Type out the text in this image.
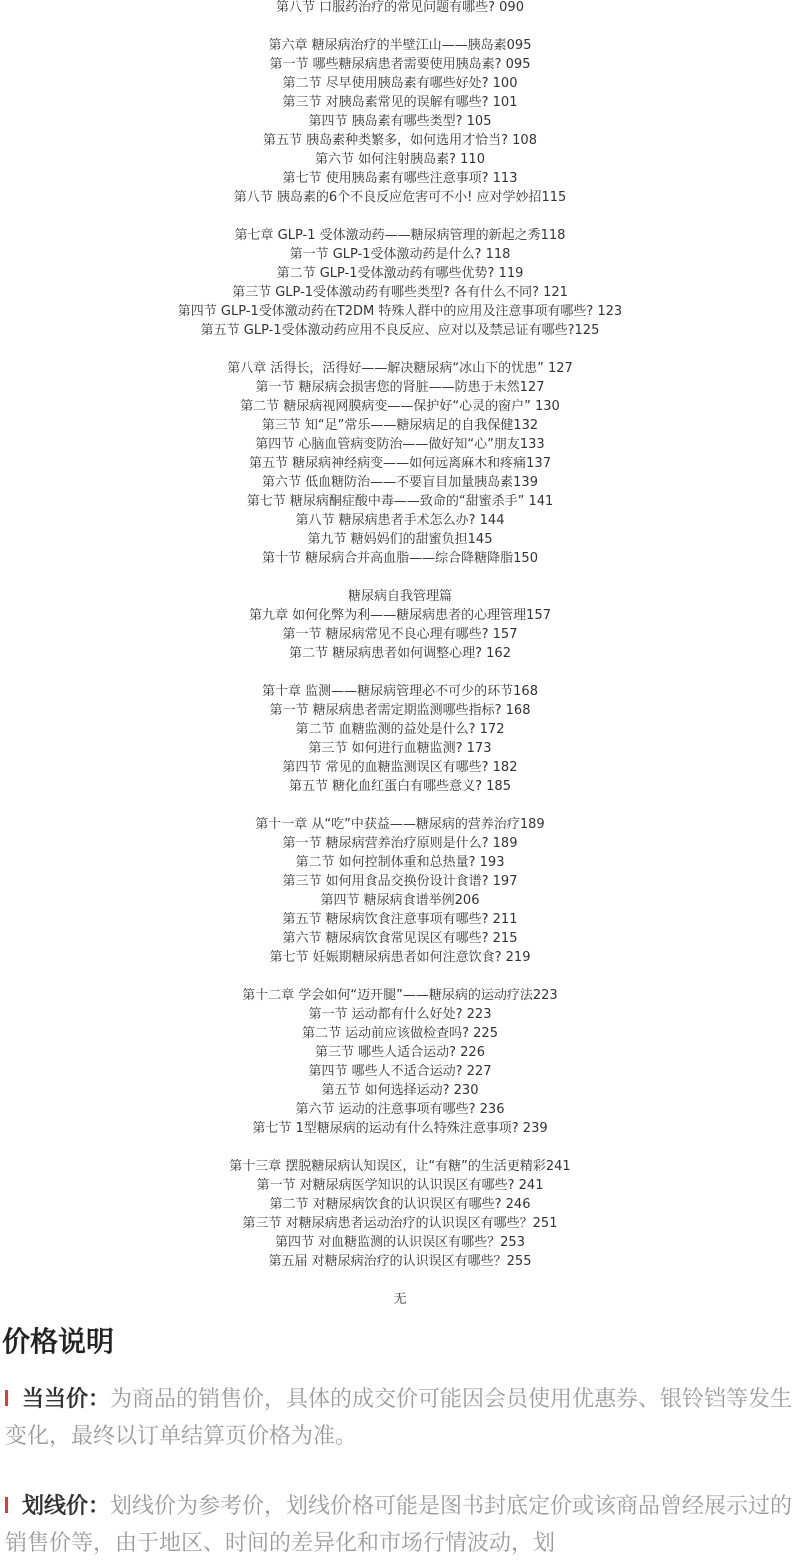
第八节 口服药治疗的常见问题有哪些? 090
第六章 糖尿病治疗的半壁江山——胰岛素095
第一节 哪些糖尿病患者需要使用胰岛素? 095
第二节 尽早使用胰岛素有哪些好处? 100
第三节 对胰岛素常见的误解有哪些? 101
第四节 胰岛素有哪些类型? 105
第五节 胰岛素种类繁多，如何选用才恰当? 108
第六节 如何注射胰岛素? 110
第七节 使用胰岛素有哪些注意事项? 113
第八节 胰岛素的6个不良反应危害可不小! 应对学妙招115
第七章 GLP-1 受体激动药——糖尿病管理的新起之秀118
第一节 GLP-1受体激动药是什么? 118
第二节 GLP-1受体激动药有哪些优势? 119
第三节 GLP-1受体激动药有哪些类型? 各有什么不同? 121
第四节 GLP-1受体激动药在T2DM 特殊人群中的应用及注意事项有哪些? 123
第五节 GLP-1受体激动药应用不良反应、应对以及禁忌证有哪些?125
第八章 活得长，活得好——解决糖尿病“冰山下的忧患” 127
第一节 糖尿病会损害您的肾脏——防患于未然127
第二节 糖尿病视网膜病变——保护好“心灵的窗户” 130
第三节 知“足”常乐——糖尿病足的自我保健132
第四节 心脑血管病变防治——做好知“心”朋友133
第五节 糖尿病神经病变——如何远离麻木和疼痛137
第六节 低血糖防治——不要盲目加量胰岛素139
第七节 糖尿病酮症酸中毒——致命的“甜蜜杀手” 141
第八节 糖尿病患者手术怎么办? 144
第九节 糖妈妈们的甜蜜负担145
第十节 糖尿病合并高血脂——综合降糖降脂150
糖尿病自我管理篇
第九章 如何化弊为利——糖尿病患者的心理管理157
第一节 糖尿病常见不良心理有哪些? 157
第二节 糖尿病患者如何调整心理? 162
第十章 监测——糖尿病管理必不可少的环节168
第一节 糖尿病患者需定期监测哪些指标? 168
第二节 血糖监测的益处是什么? 172
第三节 如何进行血糖监测? 173
第四节 常见的血糖监测误区有哪些? 182
第五节 糖化血红蛋白有哪些意义? 185
第十一章 从“吃”中获益——糖尿病的营养治疗189
第一节 糖尿病营养治疗原则是什么? 189
第二节 如何控制体重和总热量? 193
第三节 如何用食品交换份设计食谱? 197
第四节 糖尿病食谱举例206
第五节 糖尿病饮食注意事项有哪些? 211
第六节 糖尿病饮食常见误区有哪些? 215
第七节 妊娠期糖尿病患者如何注意饮食? 219
第十二章 学会如何“迈开腿”——糖尿病的运动疗法223
第一节 运动都有什么好处? 223
第二节 运动前应该做检查吗? 225
第三节 哪些人适合运动? 226
第四节 哪些人不适合运动? 227
第五节 如何选择运动? 230
第六节 运动的注意事项有哪些? 236
第七节 1型糖尿病的运动有什么特殊注意事项? 239
第十三章 摆脱糖尿病认知误区，让“有糖”的生活更精彩241
第一节 对糖尿病医学知识的认识误区有哪些? 241
第二节 对糖尿病饮食的认识误区有哪些? 246
第三节 对糖尿病患者运动治疗的认识误区有哪些？251
第四节 对血糖监测的认识误区有哪些？253
第五届 对糖尿病治疗的认识误区有哪些？255
无
价格说明
当当价：为商品的销售价，具体的成交价可能因会员使用优惠券、银铃铛等发生变化，最终以订单结算页价格为准。
划线价：划线价为参考价，划线价格可能是图书封底定价或该商品曾经展示过的销售价等，由于地区、时间的差异化和市场行情波动，划
